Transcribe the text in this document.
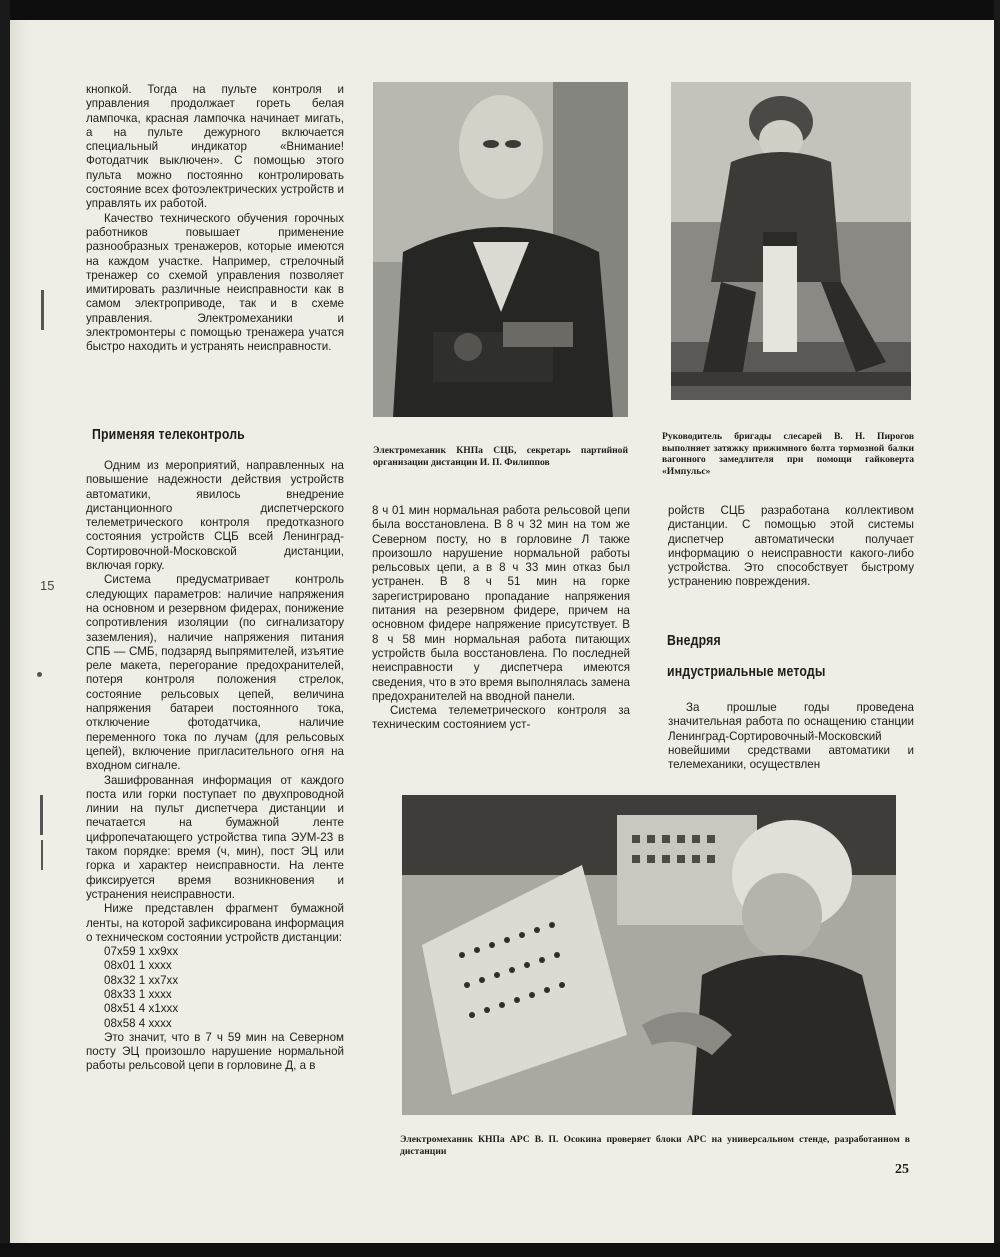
15

кнопкой. Тогда на пульте контроля и управления продолжает гореть белая лампочка, красная лампочка начинает мигать, а на пульте дежурного включается специальный индикатор «Внимание! Фотодатчик выключен». С помощью этого пульта можно постоянно контролировать состояние всех фотоэлектрических устройств и управлять их работой.

Качество технического обучения горочных работников повышает применение разнообразных тренажеров, которые имеются на каждом участке. Например, стрелочный тренажер со схемой управления позволяет имитировать различные неисправности как в самом электроприводе, так и в схеме управления. Электромеханики и электромонтеры с помощью тренажера учатся быстро находить и устранять неисправности.

Применяя телеконтроль

Одним из мероприятий, направленных на повышение надежности действия устройств автоматики, явилось внедрение дистанционного диспетчерского телеметрического контроля предотказного состояния устройств СЦБ всей Ленинград-Сортировочной-Московской дистанции, включая горку.

Система предусматривает контроль следующих параметров: наличие напряжения на основном и резервном фидерах, понижение сопротивления изоляции (по сигнализатору заземления), наличие напряжения питания СПБ — СМБ, подзаряд выпрямителей, изъятие реле макета, перегорание предохранителей, потеря контроля положения стрелок, состояние рельсовых цепей, величина напряжения батареи постоянного тока, отключение фотодатчика, наличие переменного тока по лучам (для рельсовых цепей), включение пригласительного огня на входном сигнале.

Зашифрованная информация от каждого поста или горки поступает по двухпроводной линии на пульт диспетчера дистанции и печатается на бумажной ленте цифропечатающего устройства типа ЭУМ-23 в таком порядке: время (ч, мин), пост ЭЦ или горка и характер неисправности. На ленте фиксируется время возникновения и устранения неисправности.

Ниже представлен фрагмент бумажной ленты, на которой зафиксирована информация о техническом состоянии устройств дистанции:

07х59 1 хх9хх
08х01 1 хххх
08х32 1 хх7хх
08х33 1 хххх
08х51 4 х1ххх
08х58 4 хххх

Это значит, что в 7 ч 59 мин на Северном посту ЭЦ произошло нарушение нормальной работы рельсовой цепи в горловине Д, а в

Электромеханик КНПа СЦБ, секретарь партийной организации дистанции И. П. Филиппов
Руководитель бригады слесарей В. Н. Пирогов выполняет затяжку прижимного болта тормозной балки вагонного замедлителя при помощи гайковерта «Импульс»

8 ч 01 мин нормальная работа рельсовой цепи была восстановлена. В 8 ч 32 мин на том же Северном посту, но в горловине Л также произошло нарушение нормальной работы рельсовых цепи, а в 8 ч 33 мин отказ был устранен. В 8 ч 51 мин на горке зарегистрировано пропадание напряжения питания на резервном фидере, причем на основном фидере напряжение присутствует. В 8 ч 58 мин нормальная работа питающих устройств была восстановлена. По последней неисправности у диспетчера имеются сведения, что в это время выполнялась замена предохранителей на вводной панели.

Система телеметрического контроля за техническим состоянием уст-

ройств СЦБ разработана коллективом дистанции. С помощью этой системы диспетчер автоматически получает информацию о неисправности какого-либо устройства. Это способствует быстрому устранению повреждения.

Внедряя
индустриальные методы

За прошлые годы проведена значительная работа по оснащению станции Ленинград-Сортировочный-Московский новейшими средствами автоматики и телемеханики, осуществлен

Электромеханик КНПа АРС В. П. Осокина проверяет блоки АРС на универсальном стенде, разработанном в дистанции
25
